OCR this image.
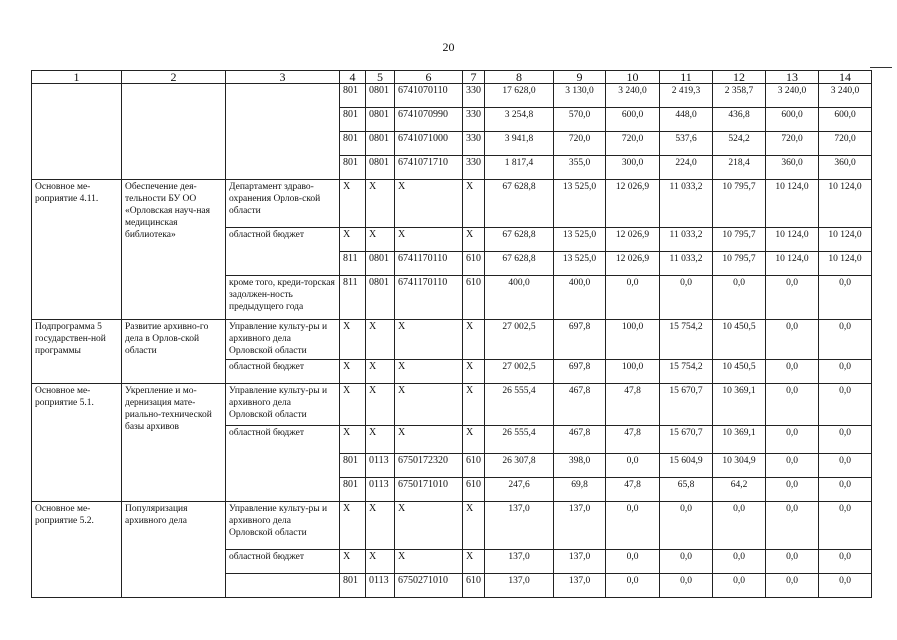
20
1	2	3	4	5	6	7	8	9	10	11	12	13	14
			801	0801	6741070110	330	17 628,0	3 130,0	3 240,0	2 419,3	2 358,7	3 240,0	3 240,0
			801	0801	6741070990	330	3 254,8	570,0	600,0	448,0	436,8	600,0	600,0
			801	0801	6741071000	330	3 941,8	720,0	720,0	537,6	524,2	720,0	720,0
			801	0801	6741071710	330	1 817,4	355,0	300,0	224,0	218,4	360,0	360,0
Основное ме-роприятие 4.11.	Обеспечение дея-тельности БУ ОО «Орловская науч-ная медицинская библиотека»	Департамент здраво-охранения Орлов-ской области	X	X	X	X	67 628,8	13 525,0	12 026,9	11 033,2	10 795,7	10 124,0	10 124,0
		областной бюджет	X	X	X	X	67 628,8	13 525,0	12 026,9	11 033,2	10 795,7	10 124,0	10 124,0
			811	0801	6741170110	610	67 628,8	13 525,0	12 026,9	11 033,2	10 795,7	10 124,0	10 124,0
		кроме того, креди-торская задолжен-ность предыдущего года	811	0801	6741170110	610	400,0	400,0	0,0	0,0	0,0	0,0	0,0
Подпрограмма 5 государствен-ной программы	Развитие архивно-го дела в Орлов-ской области	Управление культу-ры и архивного дела Орловской области	X	X	X	X	27 002,5	697,8	100,0	15 754,2	10 450,5	0,0	0,0
		областной бюджет	X	X	X	X	27 002,5	697,8	100,0	15 754,2	10 450,5	0,0	0,0
Основное ме-роприятие 5.1.	Укрепление и мо-дернизация мате-риально-технической базы архивов	Управление культу-ры и архивного дела Орловской области	X	X	X	X	26 555,4	467,8	47,8	15 670,7	10 369,1	0,0	0,0
		областной бюджет	X	X	X	X	26 555,4	467,8	47,8	15 670,7	10 369,1	0,0	0,0
			801	0113	6750172320	610	26 307,8	398,0	0,0	15 604,9	10 304,9	0,0	0,0
			801	0113	6750171010	610	247,6	69,8	47,8	65,8	64,2	0,0	0,0
Основное ме-роприятие 5.2.	Популяризация архивного дела	Управление культу-ры и архивного дела Орловской области	X	X	X	X	137,0	137,0	0,0	0,0	0,0	0,0	0,0
		областной бюджет	X	X	X	X	137,0	137,0	0,0	0,0	0,0	0,0	0,0
			801	0113	6750271010	610	137,0	137,0	0,0	0,0	0,0	0,0	0,0
